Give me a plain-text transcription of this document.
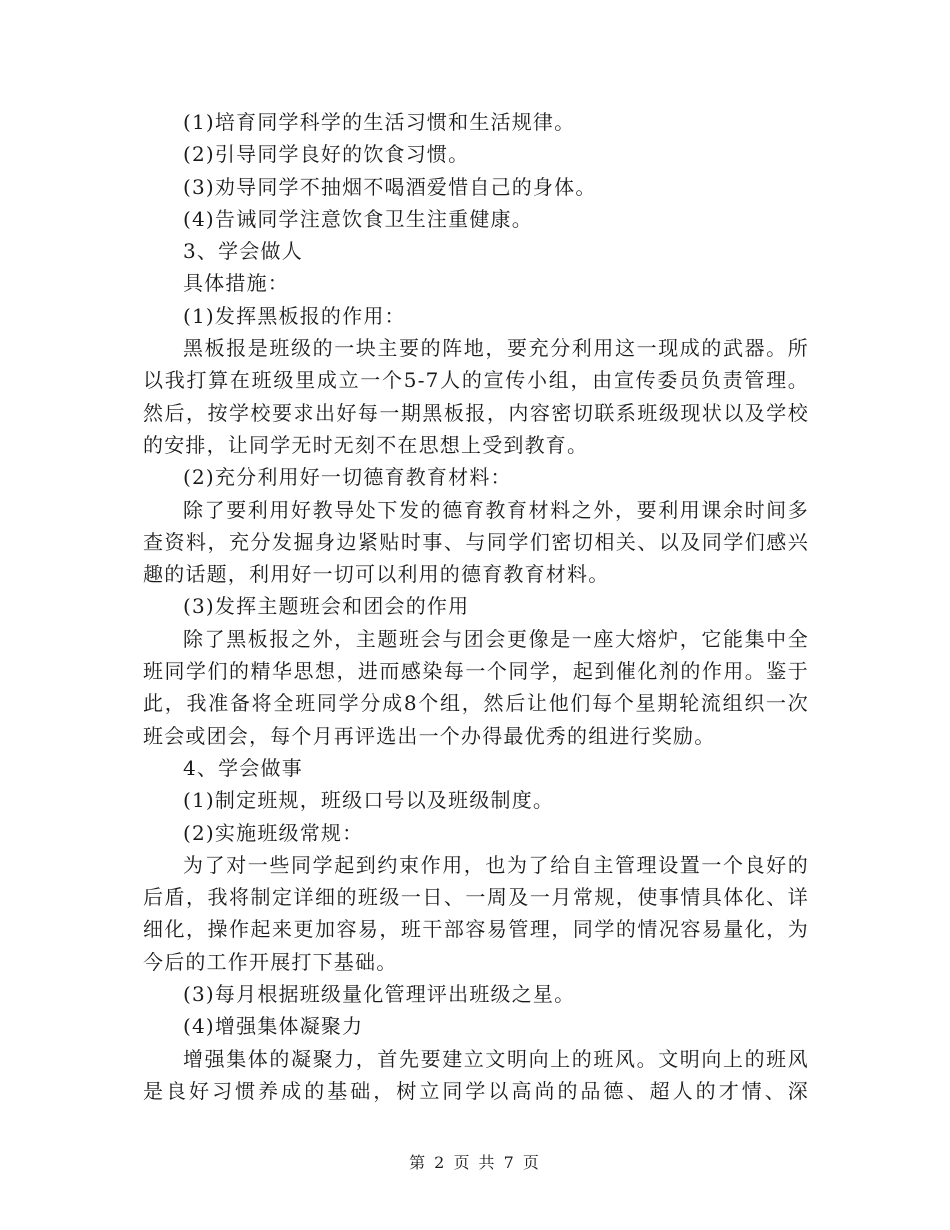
(1)培育同学科学的生活习惯和生活规律。

(2)引导同学良好的饮食习惯。

(3)劝导同学不抽烟不喝酒爱惜自己的身体。

(4)告诫同学注意饮食卫生注重健康。

3、学会做人

具体措施：

(1)发挥黑板报的作用：

黑板报是班级的一块主要的阵地，要充分利用这一现成的武器。所以我打算在班级里成立一个5-7人的宣传小组，由宣传委员负责管理。然后，按学校要求出好每一期黑板报，内容密切联系班级现状以及学校的安排，让同学无时无刻不在思想上受到教育。

(2)充分利用好一切德育教育材料：

除了要利用好教导处下发的德育教育材料之外，要利用课余时间多查资料，充分发掘身边紧贴时事、与同学们密切相关、以及同学们感兴趣的话题，利用好一切可以利用的德育教育材料。

(3)发挥主题班会和团会的作用

除了黑板报之外，主题班会与团会更像是一座大熔炉，它能集中全班同学们的精华思想，进而感染每一个同学，起到催化剂的作用。鉴于此，我准备将全班同学分成8个组，然后让他们每个星期轮流组织一次班会或团会，每个月再评选出一个办得最优秀的组进行奖励。

4、学会做事

(1)制定班规，班级口号以及班级制度。

(2)实施班级常规：

为了对一些同学起到约束作用，也为了给自主管理设置一个良好的后盾，我将制定详细的班级一日、一周及一月常规，使事情具体化、详细化，操作起来更加容易，班干部容易管理，同学的情况容易量化，为今后的工作开展打下基础。

(3)每月根据班级量化管理评出班级之星。

(4)增强集体凝聚力

增强集体的凝聚力，首先要建立文明向上的班风。文明向上的班风是良好习惯养成的基础，树立同学以高尚的品德、超人的才情、深

第 2 页 共 7 页
